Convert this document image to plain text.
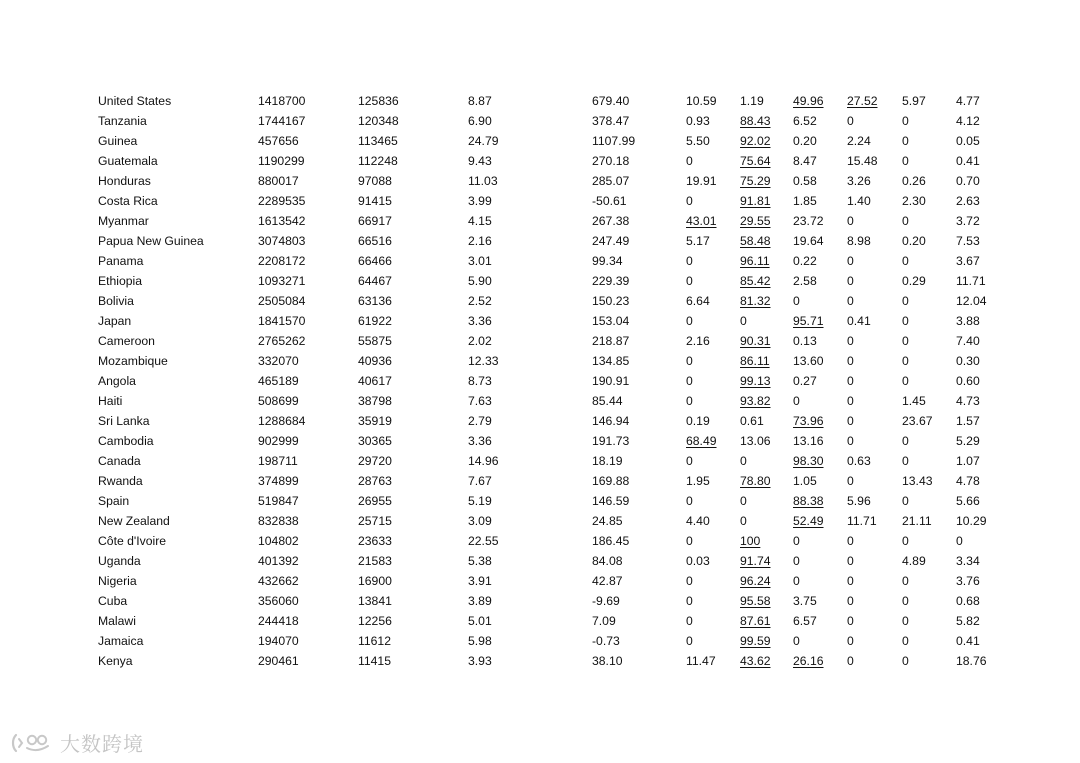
United States	1418700	125836	8.87	679.40	10.59	1.19	49.96	27.52	5.97	4.77
Tanzania	1744167	120348	6.90	378.47	0.93	88.43	6.52	0	0	4.12
Guinea	457656	113465	24.79	1107.99	5.50	92.02	0.20	2.24	0	0.05
Guatemala	1190299	112248	9.43	270.18	0	75.64	8.47	15.48	0	0.41
Honduras	880017	97088	11.03	285.07	19.91	75.29	0.58	3.26	0.26	0.70
Costa Rica	2289535	91415	3.99	-50.61	0	91.81	1.85	1.40	2.30	2.63
Myanmar	1613542	66917	4.15	267.38	43.01	29.55	23.72	0	0	3.72
Papua New Guinea	3074803	66516	2.16	247.49	5.17	58.48	19.64	8.98	0.20	7.53
Panama	2208172	66466	3.01	99.34	0	96.11	0.22	0	0	3.67
Ethiopia	1093271	64467	5.90	229.39	0	85.42	2.58	0	0.29	11.71
Bolivia	2505084	63136	2.52	150.23	6.64	81.32	0	0	0	12.04
Japan	1841570	61922	3.36	153.04	0	0	95.71	0.41	0	3.88
Cameroon	2765262	55875	2.02	218.87	2.16	90.31	0.13	0	0	7.40
Mozambique	332070	40936	12.33	134.85	0	86.11	13.60	0	0	0.30
Angola	465189	40617	8.73	190.91	0	99.13	0.27	0	0	0.60
Haiti	508699	38798	7.63	85.44	0	93.82	0	0	1.45	4.73
Sri Lanka	1288684	35919	2.79	146.94	0.19	0.61	73.96	0	23.67	1.57
Cambodia	902999	30365	3.36	191.73	68.49	13.06	13.16	0	0	5.29
Canada	198711	29720	14.96	18.19	0	0	98.30	0.63	0	1.07
Rwanda	374899	28763	7.67	169.88	1.95	78.80	1.05	0	13.43	4.78
Spain	519847	26955	5.19	146.59	0	0	88.38	5.96	0	5.66
New Zealand	832838	25715	3.09	24.85	4.40	0	52.49	11.71	21.11	10.29
Côte d'Ivoire	104802	23633	22.55	186.45	0	100	0	0	0	0
Uganda	401392	21583	5.38	84.08	0.03	91.74	0	0	4.89	3.34
Nigeria	432662	16900	3.91	42.87	0	96.24	0	0	0	3.76
Cuba	356060	13841	3.89	-9.69	0	95.58	3.75	0	0	0.68
Malawi	244418	12256	5.01	7.09	0	87.61	6.57	0	0	5.82
Jamaica	194070	11612	5.98	-0.73	0	99.59	0	0	0	0.41
Kenya	290461	11415	3.93	38.10	11.47	43.62	26.16	0	0	18.76
大数跨境
